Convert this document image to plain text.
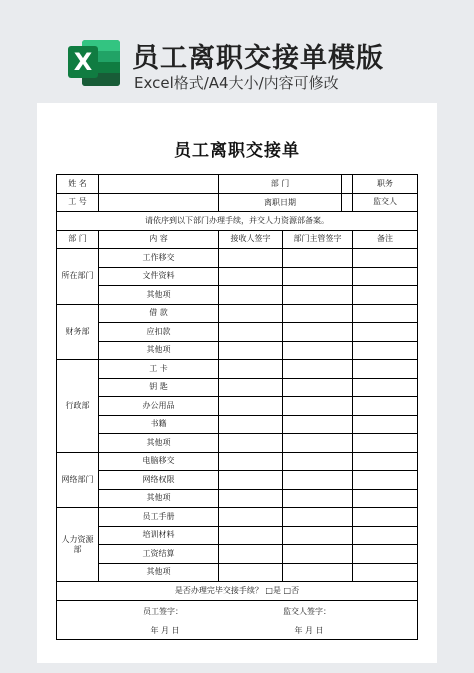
X 员工离职交接单模版
Excel格式/A4大小/内容可修改
员工离职交接单
姓 名		部 门		职务

工 号		离职日期		监交人
请依序到以下部门办理手续，并交人力资源部备案。				
部 门	内 容	接收人签字	部门主管签字	备注
所在部门	工作移交			
	文件资料			
	其他项			
财务部	借 款			
	应扣款			
	其他项			
行政部	工 卡			
	钥 匙			
	办公用品			
	书籍			
	其他项			
网络部门	电脑移交			
	网络权限			
	其他项			
人力资源部	员工手册			
	培训材料			
	工资结算			
	其他项			
是否办理完毕交接手续？ □是 □否				

员工签字： 监交人签字：
年 月 日 年 月 日				
